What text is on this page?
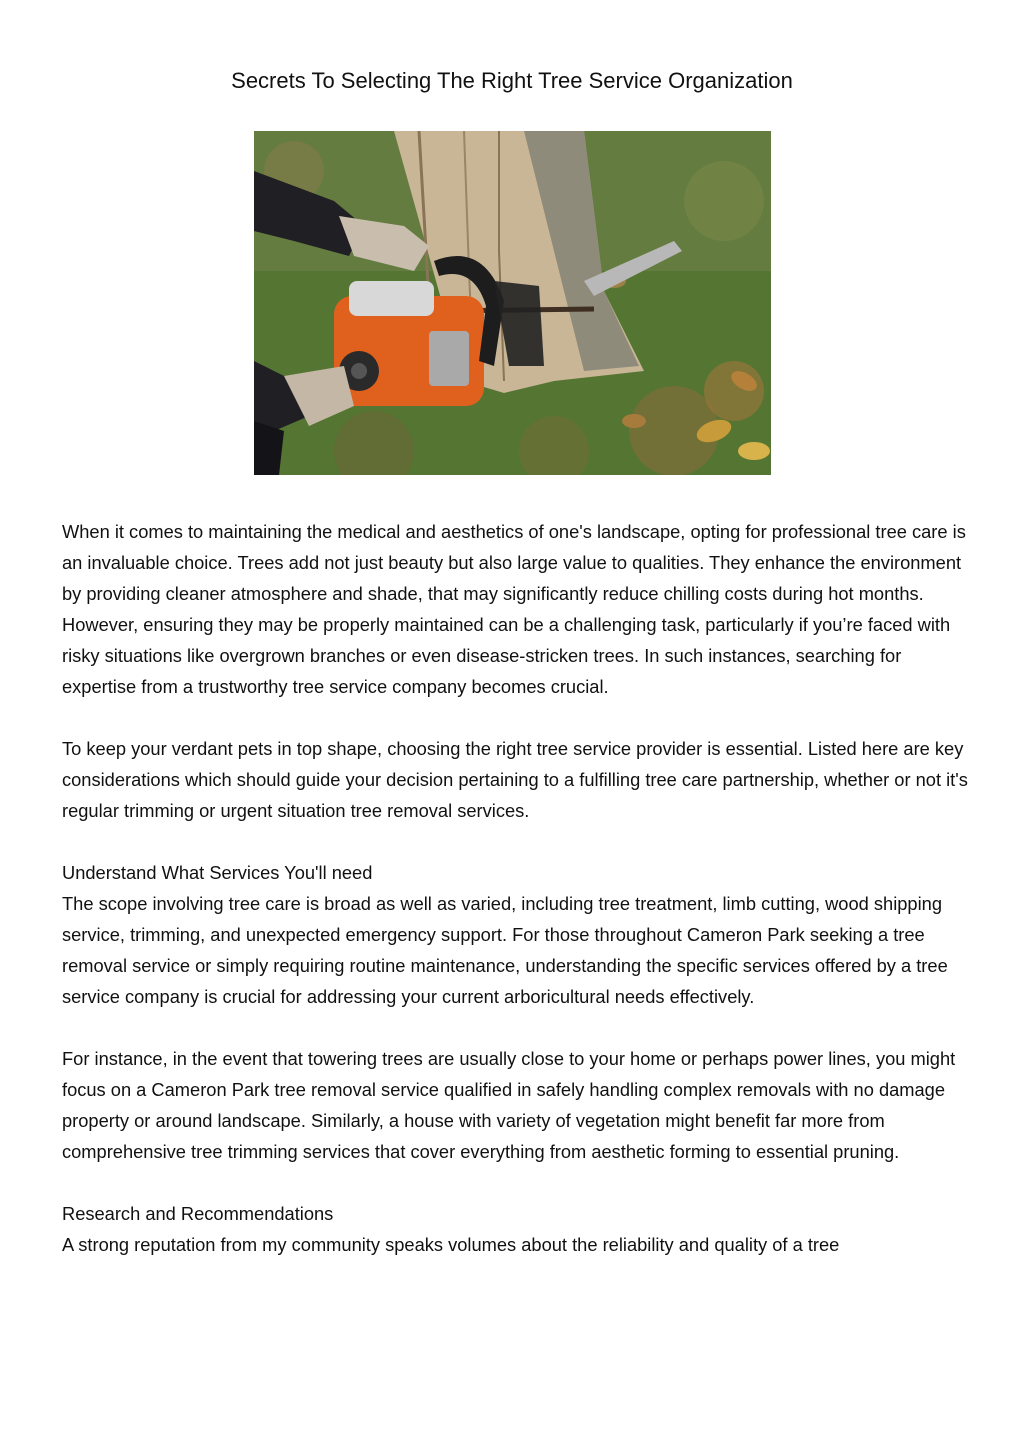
Secrets To Selecting The Right Tree Service Organization

When it comes to maintaining the medical and aesthetics of one's landscape, opting for professional tree care is an invaluable choice. Trees add not just beauty but also large value to qualities. They enhance the environment by providing cleaner atmosphere and shade, that may significantly reduce chilling costs during hot months. However, ensuring they may be properly maintained can be a challenging task, particularly if you’re faced with risky situations like overgrown branches or even disease-stricken trees. In such instances, searching for expertise from a trustworthy tree service company becomes crucial.

To keep your verdant pets in top shape, choosing the right tree service provider is essential. Listed here are key considerations which should guide your decision pertaining to a fulfilling tree care partnership, whether or not it's regular trimming or urgent situation tree removal services.

Understand What Services You'll need

The scope involving tree care is broad as well as varied, including tree treatment, limb cutting, wood shipping service, trimming, and unexpected emergency support. For those throughout Cameron Park seeking a tree removal service or simply requiring routine maintenance, understanding the specific services offered by a tree service company is crucial for addressing your current arboricultural needs effectively.

For instance, in the event that towering trees are usually close to your home or perhaps power lines, you might focus on a Cameron Park tree removal service qualified in safely handling complex removals with no damage property or around landscape. Similarly, a house with variety of vegetation might benefit far more from comprehensive tree trimming services that cover everything from aesthetic forming to essential pruning.

Research and Recommendations

A strong reputation from my community speaks volumes about the reliability and quality of a tree
